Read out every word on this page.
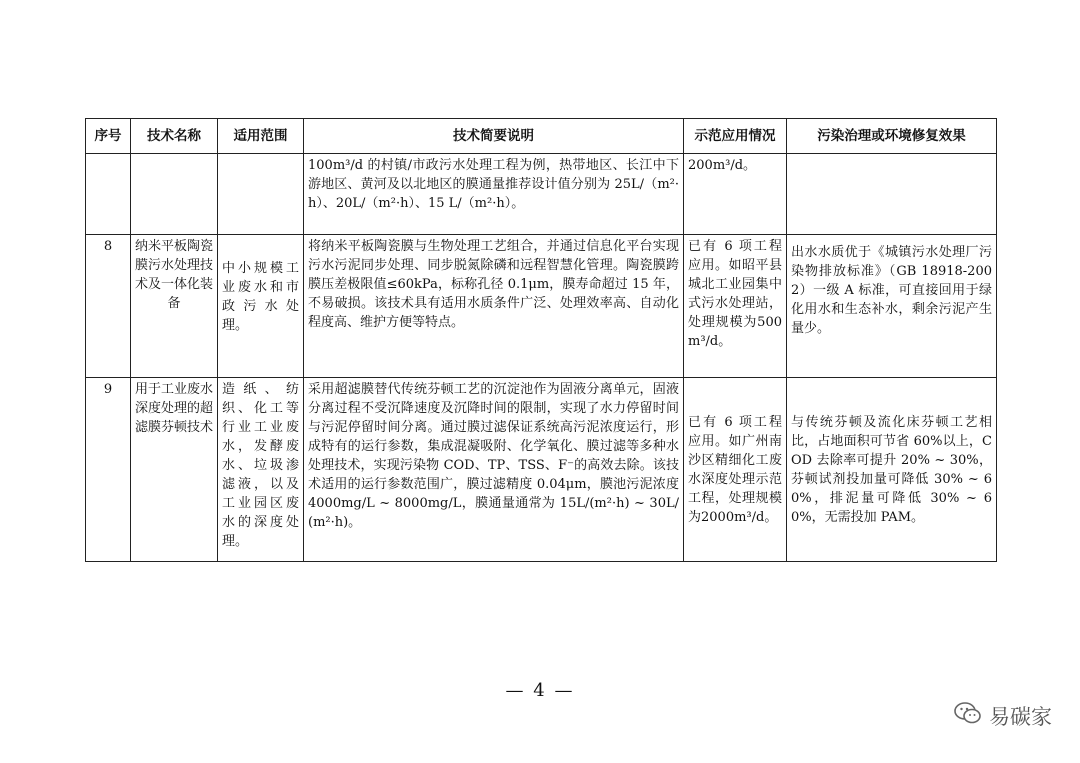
序号	技术名称	适用范围	技术简要说明	示范应用情况	污染治理或环境修复效果
			100m³/d 的村镇/市政污水处理工程为例，热带地区、长江中下游地区、黄河及以北地区的膜通量推荐设计值分别为 25L/（m²·h）、20L/（m²·h）、15 L/（m²·h）。	200m³/d。	
8	纳米平板陶瓷膜污水处理技术及一体化装备	中小规模工业废水和市政污水处理。	将纳米平板陶瓷膜与生物处理工艺组合，并通过信息化平台实现污水污泥同步处理、同步脱氮除磷和远程智慧化管理。陶瓷膜跨膜压差极限值≤60kPa，标称孔径 0.1μm，膜寿命超过 15 年，不易破损。该技术具有适用水质条件广泛、处理效率高、自动化程度高、维护方便等特点。	已有 6 项工程应用。如昭平县城北工业园集中式污水处理站，处理规模为500m³/d。	出水水质优于《城镇污水处理厂污染物排放标准》（GB 18918-2002）一级 A 标准，可直接回用于绿化用水和生态补水，剩余污泥产生量少。
9	用于工业废水深度处理的超滤膜芬顿技术	造纸、纺织、化工等行业工业废水，发酵废水、垃圾渗滤液，以及工业园区废水的深度处理。	采用超滤膜替代传统芬顿工艺的沉淀池作为固液分离单元，固液分离过程不受沉降速度及沉降时间的限制，实现了水力停留时间与污泥停留时间分离。通过膜过滤保证系统高污泥浓度运行，形成特有的运行参数，集成混凝吸附、化学氧化、膜过滤等多种水处理技术，实现污染物 COD、TP、TSS、F⁻的高效去除。该技术适用的运行参数范围广，膜过滤精度 0.04μm，膜池污泥浓度 4000mg/L ~ 8000mg/L，膜通量通常为 15L/(m²·h) ~ 30L/(m²·h)。	已有 6 项工程应用。如广州南沙区精细化工废水深度处理示范工程，处理规模为2000m³/d。	与传统芬顿及流化床芬顿工艺相比，占地面积可节省 60%以上，COD 去除率可提升 20% ~ 30%，芬顿试剂投加量可降低 30% ~ 60%，排泥量可降低 30% ~ 60%，无需投加 PAM。
— 4 —
易碳家
